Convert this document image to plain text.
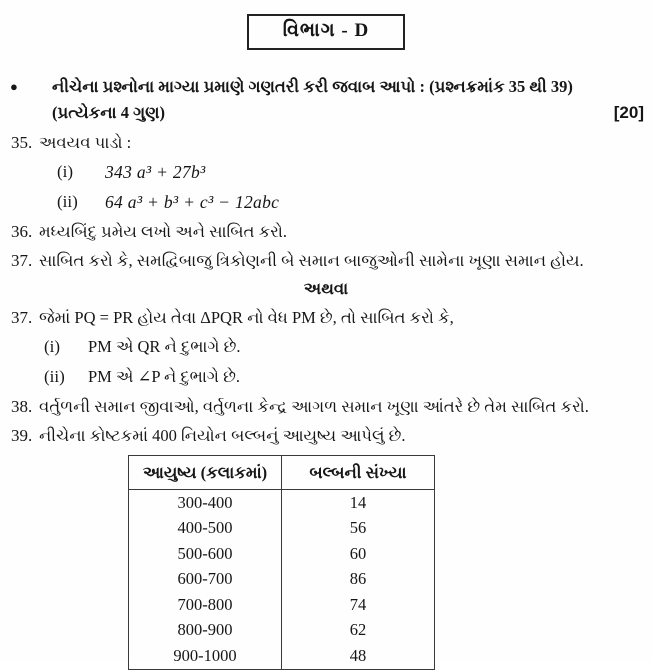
વિભાગ - D
●	નીચેના પ્રશ્નોના માગ્યા પ્રમાણે ગણતરી કરી જવાબ આપો : (પ્રશ્નક્રમાંક 35 થી 39)
(પ્રત્યેકના 4 ગુણ)	[20]
35. અવયવ પાડો :
(i)	343 a³ + 27b³
(ii)	64 a³ + b³ + c³ − 12abc
36. મધ્યબિંદુ પ્રમેય લખો અને સાબિત કરો.
37. સાબિત કરો કે, સમદ્વિબાજુ ત્રિકોણની બે સમાન બાજુઓની સામેના ખૂણા સમાન હોય.
અથવા
37. જેમાં PQ = PR હોય તેવા ΔPQR નો વેધ PM છે, તો સાબિત કરો કે,
(i)	PM એ QR ને દુભાગે છે.
(ii)	PM એ ∠P ને દુભાગે છે.
38. વર્તુળની સમાન જીવાઓ, વર્તુળના કેન્દ્ર આગળ સમાન ખૂણા આંતરે છે તેમ સાબિત કરો.
39. નીચેના કોષ્ટકમાં 400 નિયોન બલ્બનું આયુષ્ય આપેલું છે.
આયુષ્ય (કલાકમાં)	બલ્બની સંખ્યા
300-400	14
400-500	56
500-600	60
600-700	86
700-800	74
800-900	62
900-1000	48
